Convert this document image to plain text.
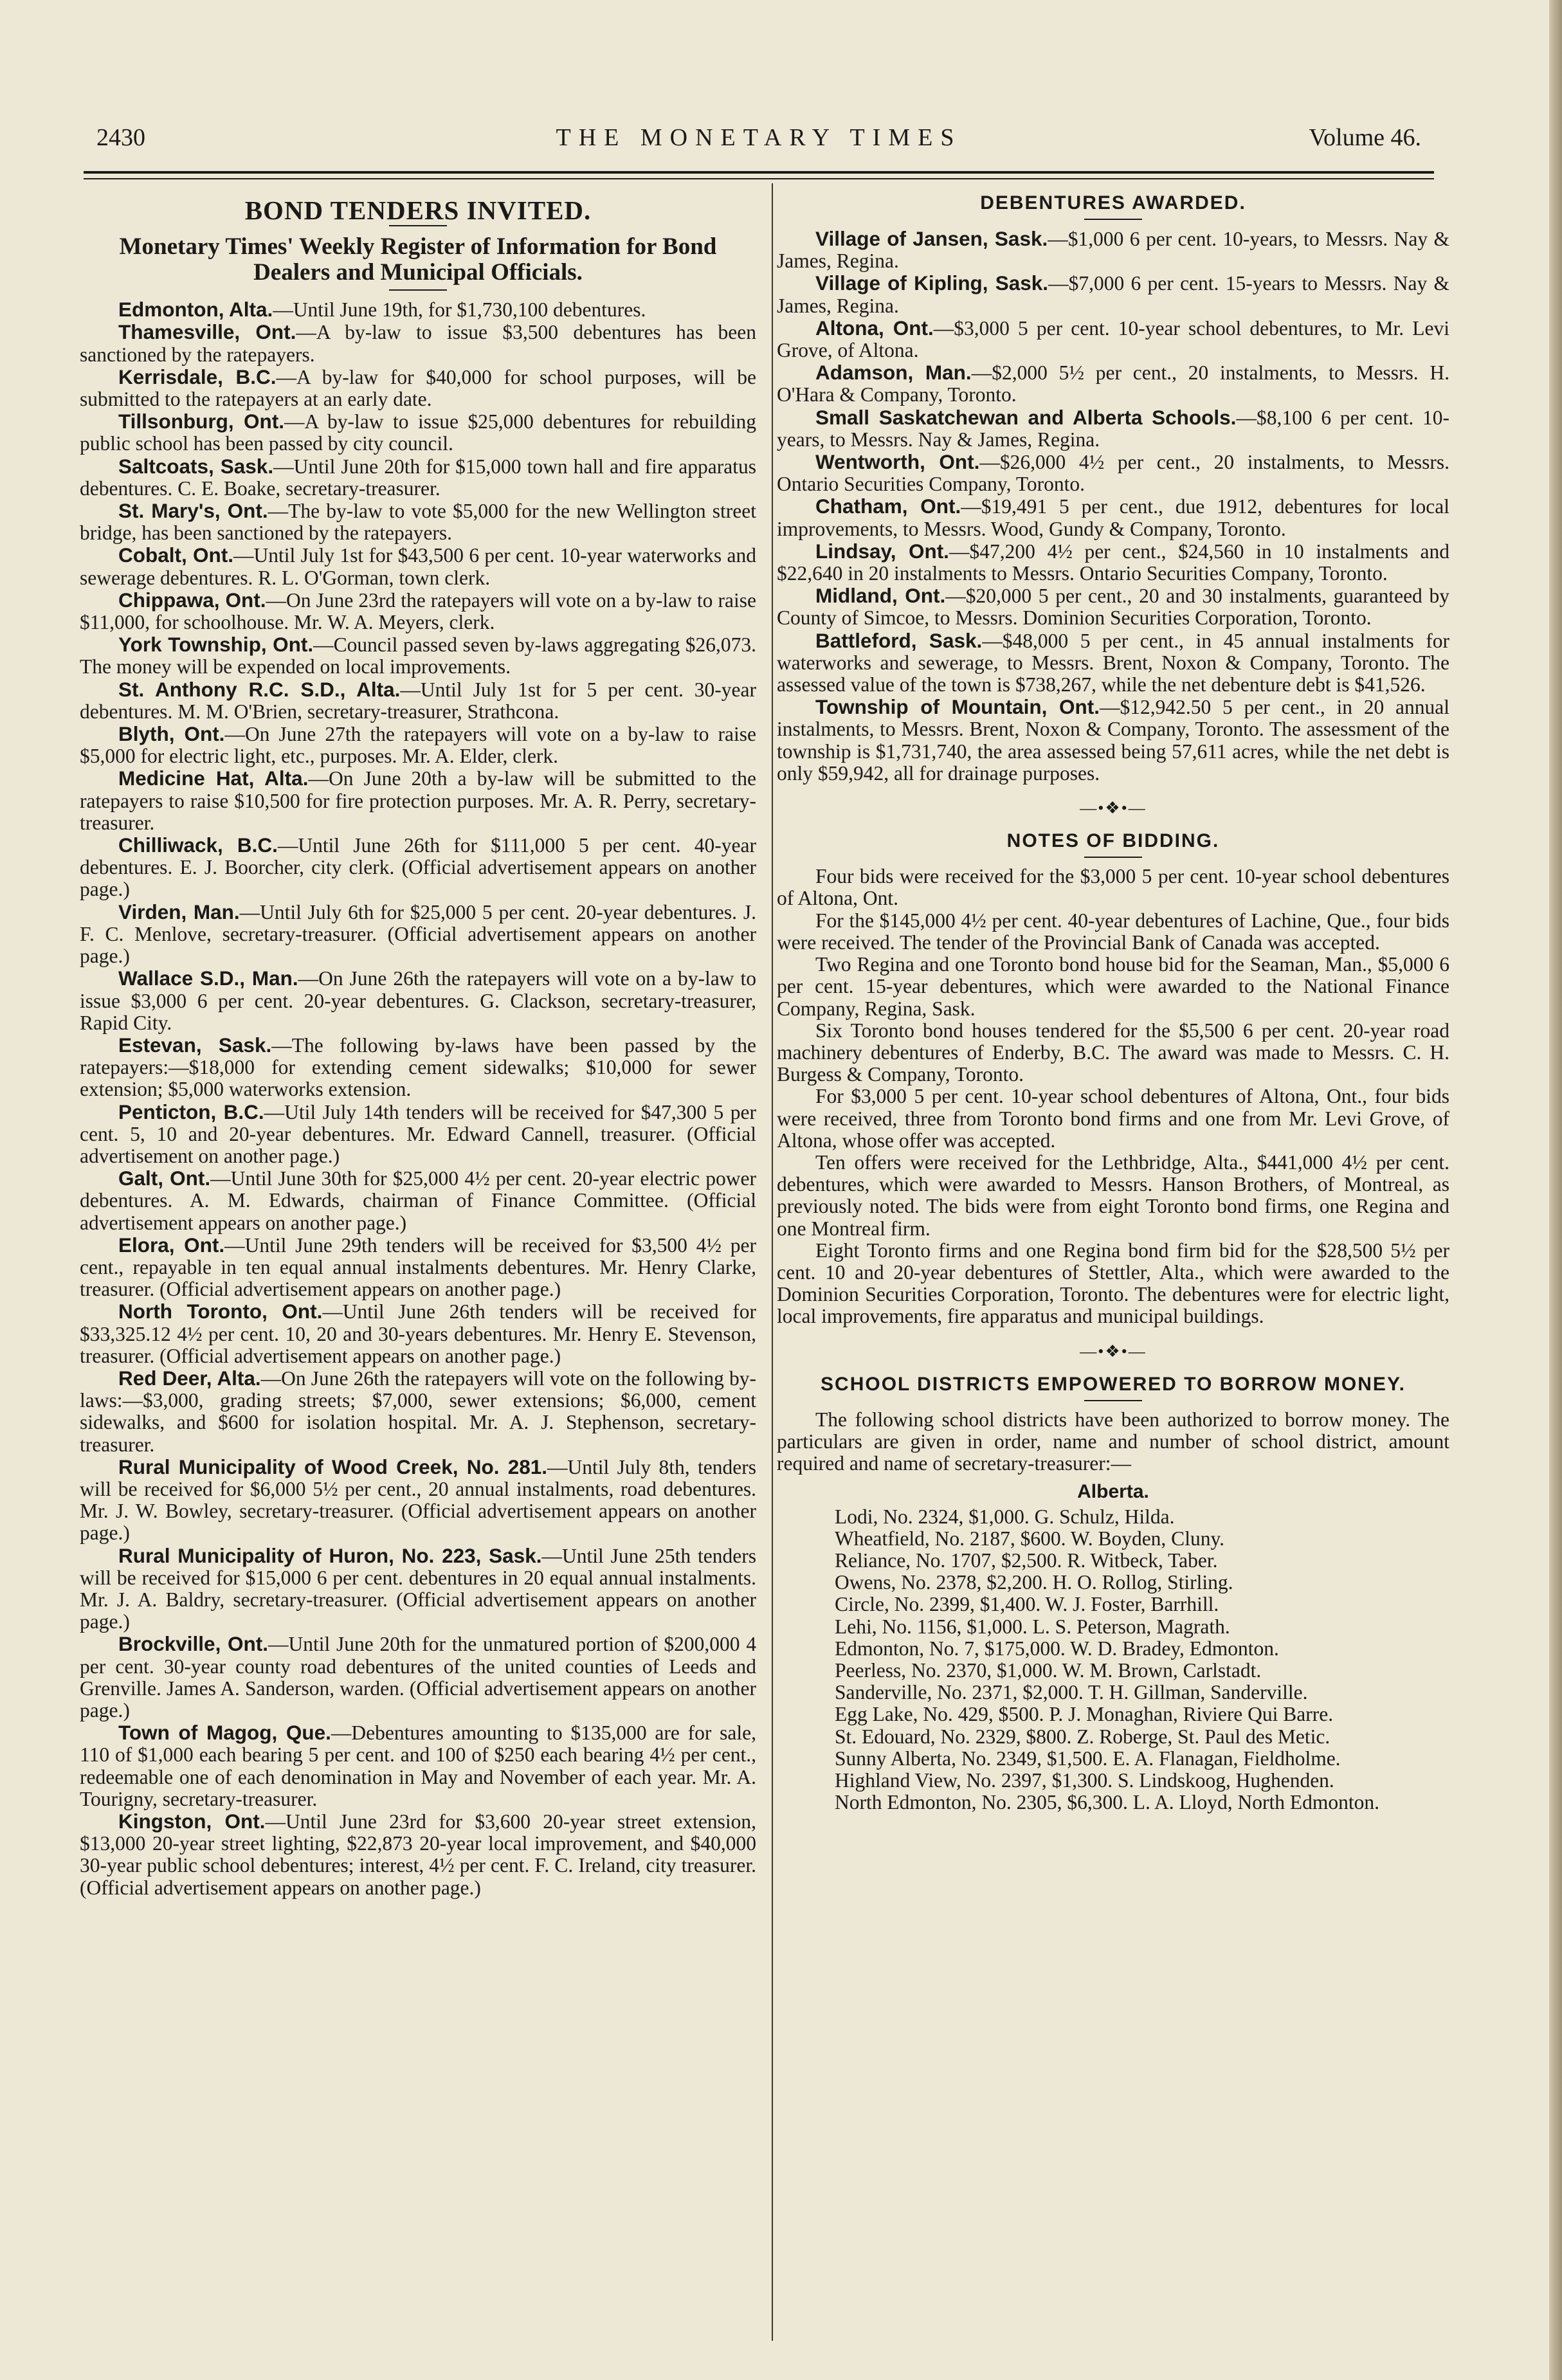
2430	THE MONETARY TIMES	Volume 46.
BOND TENDERS INVITED.
Monetary Times' Weekly Register of Information for Bond Dealers and Municipal Officials.

Edmonton, Alta.—Until June 19th, for $1,730,100 debentures.

Thamesville, Ont.—A by-law to issue $3,500 debentures has been sanctioned by the ratepayers.

Kerrisdale, B.C.—A by-law for $40,000 for school purposes, will be submitted to the ratepayers at an early date.

Tillsonburg, Ont.—A by-law to issue $25,000 debentures for rebuilding public school has been passed by city council.

Saltcoats, Sask.—Until June 20th for $15,000 town hall and fire apparatus debentures. C. E. Boake, secretary-treasurer.

St. Mary's, Ont.—The by-law to vote $5,000 for the new Wellington street bridge, has been sanctioned by the ratepayers.

Cobalt, Ont.—Until July 1st for $43,500 6 per cent. 10-year waterworks and sewerage debentures. R. L. O'Gorman, town clerk.

Chippawa, Ont.—On June 23rd the ratepayers will vote on a by-law to raise $11,000, for schoolhouse. Mr. W. A. Meyers, clerk.

York Township, Ont.—Council passed seven by-laws aggregating $26,073. The money will be expended on local improvements.

St. Anthony R.C. S.D., Alta.—Until July 1st for 5 per cent. 30-year debentures. M. M. O'Brien, secretary-treasurer, Strathcona.

Blyth, Ont.—On June 27th the ratepayers will vote on a by-law to raise $5,000 for electric light, etc., purposes. Mr. A. Elder, clerk.

Medicine Hat, Alta.—On June 20th a by-law will be submitted to the ratepayers to raise $10,500 for fire protection purposes. Mr. A. R. Perry, secretary-treasurer.

Chilliwack, B.C.—Until June 26th for $111,000 5 per cent. 40-year debentures. E. J. Boorcher, city clerk. (Official advertisement appears on another page.)

Virden, Man.—Until July 6th for $25,000 5 per cent. 20-year debentures. J. F. C. Menlove, secretary-treasurer. (Official advertisement appears on another page.)

Wallace S.D., Man.—On June 26th the ratepayers will vote on a by-law to issue $3,000 6 per cent. 20-year debentures. G. Clackson, secretary-treasurer, Rapid City.

Estevan, Sask.—The following by-laws have been passed by the ratepayers:—$18,000 for extending cement sidewalks; $10,000 for sewer extension; $5,000 waterworks extension.

Penticton, B.C.—Util July 14th tenders will be received for $47,300 5 per cent. 5, 10 and 20-year debentures. Mr. Edward Cannell, treasurer. (Official advertisement on another page.)

Galt, Ont.—Until June 30th for $25,000 4½ per cent. 20-year electric power debentures. A. M. Edwards, chairman of Finance Committee. (Official advertisement appears on another page.)

Elora, Ont.—Until June 29th tenders will be received for $3,500 4½ per cent., repayable in ten equal annual instalments debentures. Mr. Henry Clarke, treasurer. (Official advertisement appears on another page.)

North Toronto, Ont.—Until June 26th tenders will be received for $33,325.12 4½ per cent. 10, 20 and 30-years debentures. Mr. Henry E. Stevenson, treasurer. (Official advertisement appears on another page.)

Red Deer, Alta.—On June 26th the ratepayers will vote on the following by-laws:—$3,000, grading streets; $7,000, sewer extensions; $6,000, cement sidewalks, and $600 for isolation hospital. Mr. A. J. Stephenson, secretary-treasurer.

Rural Municipality of Wood Creek, No. 281.—Until July 8th, tenders will be received for $6,000 5½ per cent., 20 annual instalments, road debentures. Mr. J. W. Bowley, secretary-treasurer. (Official advertisement appears on another page.)

Rural Municipality of Huron, No. 223, Sask.—Until June 25th tenders will be received for $15,000 6 per cent. debentures in 20 equal annual instalments. Mr. J. A. Baldry, secretary-treasurer. (Official advertisement appears on another page.)

Brockville, Ont.—Until June 20th for the unmatured portion of $200,000 4 per cent. 30-year county road debentures of the united counties of Leeds and Grenville. James A. Sanderson, warden. (Official advertisement appears on another page.)

Town of Magog, Que.—Debentures amounting to $135,000 are for sale, 110 of $1,000 each bearing 5 per cent. and 100 of $250 each bearing 4½ per cent., redeemable one of each denomination in May and November of each year. Mr. A. Tourigny, secretary-treasurer.

Kingston, Ont.—Until June 23rd for $3,600 20-year street extension, $13,000 20-year street lighting, $22,873 20-year local improvement, and $40,000 30-year public school debentures; interest, 4½ per cent. F. C. Ireland, city treasurer. (Official advertisement appears on another page.)

DEBENTURES AWARDED.

Village of Jansen, Sask.—$1,000 6 per cent. 10-years, to Messrs. Nay & James, Regina.

Village of Kipling, Sask.—$7,000 6 per cent. 15-years to Messrs. Nay & James, Regina.

Altona, Ont.—$3,000 5 per cent. 10-year school debentures, to Mr. Levi Grove, of Altona.

Adamson, Man.—$2,000 5½ per cent., 20 instalments, to Messrs. H. O'Hara & Company, Toronto.

Small Saskatchewan and Alberta Schools.—$8,100 6 per cent. 10-years, to Messrs. Nay & James, Regina.

Wentworth, Ont.—$26,000 4½ per cent., 20 instalments, to Messrs. Ontario Securities Company, Toronto.

Chatham, Ont.—$19,491 5 per cent., due 1912, debentures for local improvements, to Messrs. Wood, Gundy & Company, Toronto.

Lindsay, Ont.—$47,200 4½ per cent., $24,560 in 10 instalments and $22,640 in 20 instalments to Messrs. Ontario Securities Company, Toronto.

Midland, Ont.—$20,000 5 per cent., 20 and 30 instalments, guaranteed by County of Simcoe, to Messrs. Dominion Securities Corporation, Toronto.

Battleford, Sask.—$48,000 5 per cent., in 45 annual instalments for waterworks and sewerage, to Messrs. Brent, Noxon & Company, Toronto. The assessed value of the town is $738,267, while the net debenture debt is $41,526.

Township of Mountain, Ont.—$12,942.50 5 per cent., in 20 annual instalments, to Messrs. Brent, Noxon & Company, Toronto. The assessment of the township is $1,731,740, the area assessed being 57,611 acres, while the net debt is only $59,942, all for drainage purposes.

—•❖•—
NOTES OF BIDDING.

Four bids were received for the $3,000 5 per cent. 10-year school debentures of Altona, Ont.

For the $145,000 4½ per cent. 40-year debentures of Lachine, Que., four bids were received. The tender of the Provincial Bank of Canada was accepted.

Two Regina and one Toronto bond house bid for the Seaman, Man., $5,000 6 per cent. 15-year debentures, which were awarded to the National Finance Company, Regina, Sask.

Six Toronto bond houses tendered for the $5,500 6 per cent. 20-year road machinery debentures of Enderby, B.C. The award was made to Messrs. C. H. Burgess & Company, Toronto.

For $3,000 5 per cent. 10-year school debentures of Altona, Ont., four bids were received, three from Toronto bond firms and one from Mr. Levi Grove, of Altona, whose offer was accepted.

Ten offers were received for the Lethbridge, Alta., $441,000 4½ per cent. debentures, which were awarded to Messrs. Hanson Brothers, of Montreal, as previously noted. The bids were from eight Toronto bond firms, one Regina and one Montreal firm.

Eight Toronto firms and one Regina bond firm bid for the $28,500 5½ per cent. 10 and 20-year debentures of Stettler, Alta., which were awarded to the Dominion Securities Corporation, Toronto. The debentures were for electric light, local improvements, fire apparatus and municipal buildings.

—•❖•—
SCHOOL DISTRICTS EMPOWERED TO BORROW MONEY.

The following school districts have been authorized to borrow money. The particulars are given in order, name and number of school district, amount required and name of secretary-treasurer:—

Alberta.
Lodi, No. 2324, $1,000. G. Schulz, Hilda.
Wheatfield, No. 2187, $600. W. Boyden, Cluny.
Reliance, No. 1707, $2,500. R. Witbeck, Taber.
Owens, No. 2378, $2,200. H. O. Rollog, Stirling.
Circle, No. 2399, $1,400. W. J. Foster, Barrhill.
Lehi, No. 1156, $1,000. L. S. Peterson, Magrath.
Edmonton, No. 7, $175,000. W. D. Bradey, Edmonton.
Peerless, No. 2370, $1,000. W. M. Brown, Carlstadt.
Sanderville, No. 2371, $2,000. T. H. Gillman, Sanderville.
Egg Lake, No. 429, $500. P. J. Monaghan, Riviere Qui Barre.
St. Edouard, No. 2329, $800. Z. Roberge, St. Paul des Metic.
Sunny Alberta, No. 2349, $1,500. E. A. Flanagan, Fieldholme.
Highland View, No. 2397, $1,300. S. Lindskoog, Hughenden.
North Edmonton, No. 2305, $6,300. L. A. Lloyd, North Edmonton.
